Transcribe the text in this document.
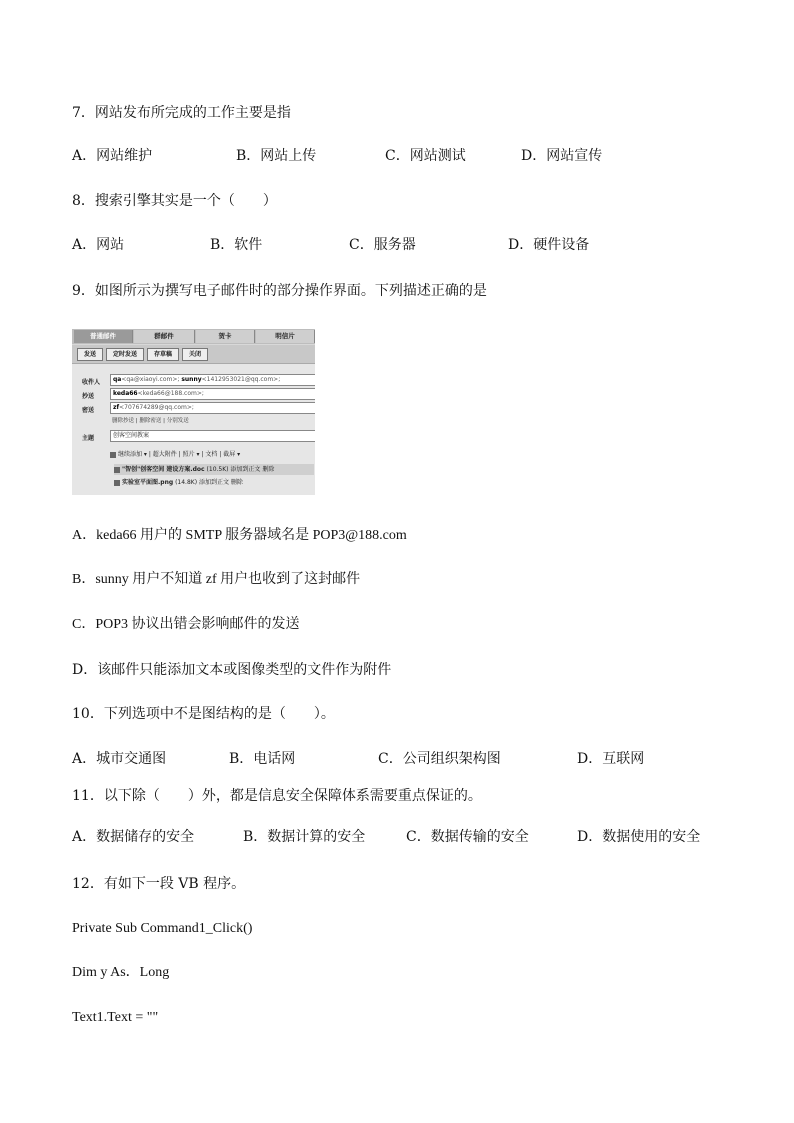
7．网站发布所完成的工作主要是指
A．网站维护	B．网站上传	C．网站测试	D．网站宣传
8．搜索引擎其实是一个（　　）
A．网站	B．软件	C．服务器	D．硬件设备
9．如图所示为撰写电子邮件时的部分操作界面。下列描述正确的是
普通邮件	群邮件	贺卡	明信片
发送	定时发送	存草稿	关闭
收件人	qa<qa@xiaoyi.com>; sunny<1412953021@qq.com>;
抄送	keda66<keda66@188.com>;
密送	zf<707674289@qq.com>;
删除抄送 | 删除密送 | 分别发送
主题	创客空间教案
继续添加 ▾ | 超大附件 | 照片 ▾ | 文档 | 截屏 ▾
"智创"创客空间 建设方案.doc (10.5K) 添加到正文 删除
实验室平面图.png (14.8K) 添加到正文 删除
A．keda66 用户的 SMTP 服务器域名是 POP3@188.com
B．sunny 用户不知道 zf 用户也收到了这封邮件
C．POP3 协议出错会影响邮件的发送
D．该邮件只能添加文本或图像类型的文件作为附件
10．下列选项中不是图结构的是（　　）。
A．城市交通图	B．电话网	C．公司组织架构图	D．互联网
11．以下除（　　）外，都是信息安全保障体系需要重点保证的。
A．数据储存的安全	B．数据计算的安全	C．数据传输的安全	D．数据使用的安全
12．有如下一段 VB 程序。
Private Sub Command1_Click()
Dim y As．Long
Text1.Text = ""
